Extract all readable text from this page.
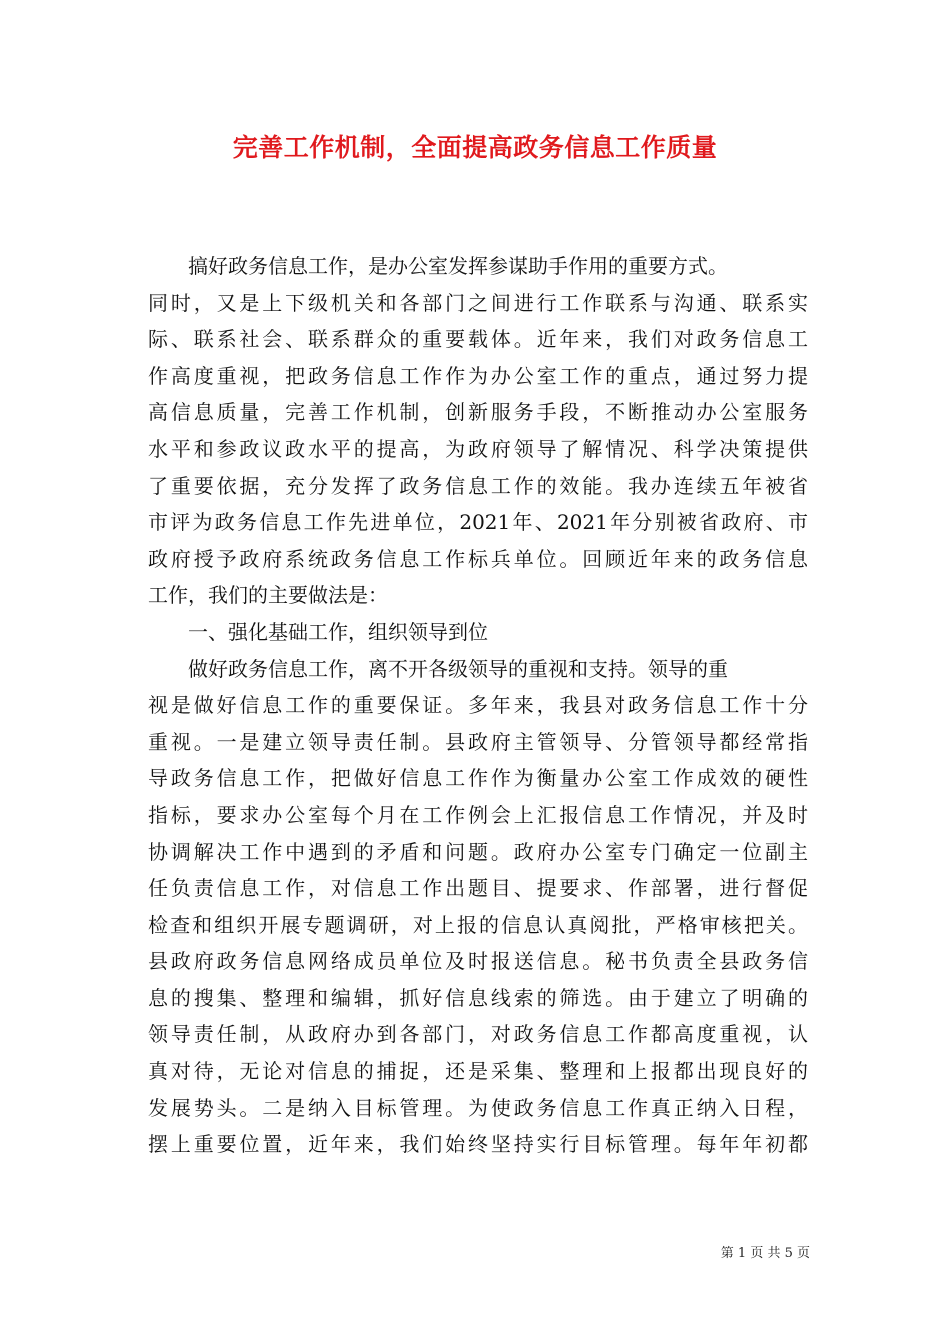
完善工作机制，全面提高政务信息工作质量
搞好政务信息工作，是办公室发挥参谋助手作用的重要方式。
同时，又是上下级机关和各部门之间进行工作联系与沟通、联系实
际、联系社会、联系群众的重要载体。近年来，我们对政务信息工
作高度重视，把政务信息工作作为办公室工作的重点，通过努力提
高信息质量，完善工作机制，创新服务手段，不断推动办公室服务
水平和参政议政水平的提高，为政府领导了解情况、科学决策提供
了重要依据，充分发挥了政务信息工作的效能。我办连续五年被省
市评为政务信息工作先进单位，2021年、2021年分别被省政府、市
政府授予政府系统政务信息工作标兵单位。回顾近年来的政务信息
工作，我们的主要做法是：
一、强化基础工作，组织领导到位
做好政务信息工作，离不开各级领导的重视和支持。领导的重
视是做好信息工作的重要保证。多年来，我县对政务信息工作十分
重视。一是建立领导责任制。县政府主管领导、分管领导都经常指
导政务信息工作，把做好信息工作作为衡量办公室工作成效的硬性
指标，要求办公室每个月在工作例会上汇报信息工作情况，并及时
协调解决工作中遇到的矛盾和问题。政府办公室专门确定一位副主
任负责信息工作，对信息工作出题目、提要求、作部署，进行督促
检查和组织开展专题调研，对上报的信息认真阅批，严格审核把关。
县政府政务信息网络成员单位及时报送信息。秘书负责全县政务信
息的搜集、整理和编辑，抓好信息线索的筛选。由于建立了明确的
领导责任制，从政府办到各部门，对政务信息工作都高度重视，认
真对待，无论对信息的捕捉，还是采集、整理和上报都出现良好的
发展势头。二是纳入目标管理。为使政务信息工作真正纳入日程，
摆上重要位置，近年来，我们始终坚持实行目标管理。每年年初都
第 1 页 共 5 页
